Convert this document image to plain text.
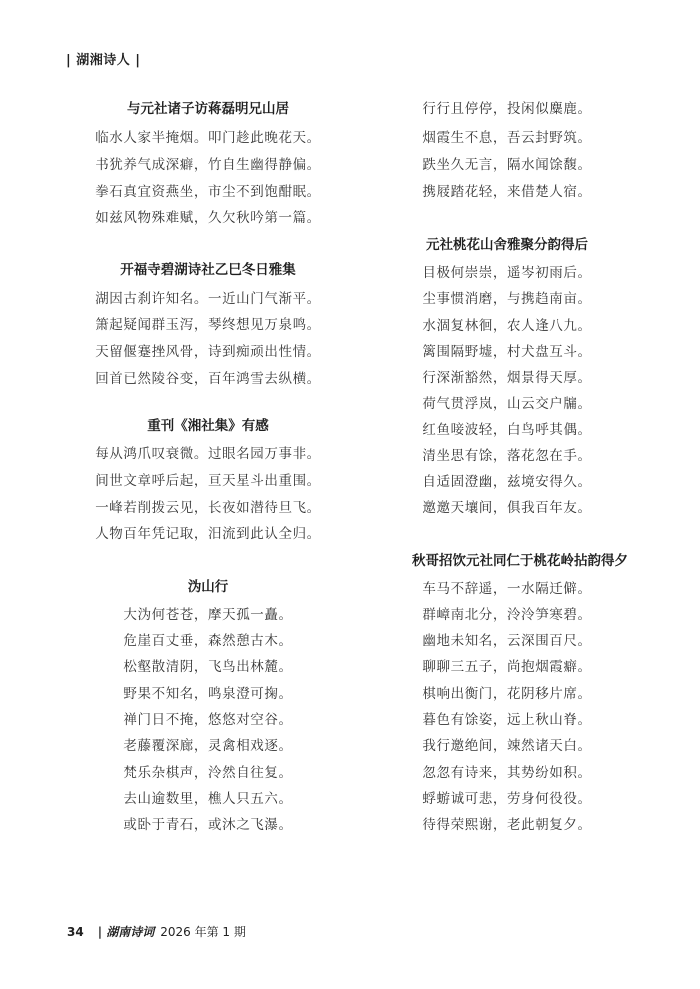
| 湖湘诗人 |
与元社诸子访蒋磊明兄山居
临水人家半掩烟。叩门趁此晚花天。
书犹养气成深癖，竹自生幽得静偏。
拳石真宜资燕坐，市尘不到饱酣眠。
如兹风物殊难赋，久欠秋吟第一篇。
开福寺碧湖诗社乙巳冬日雅集
湖因古刹许知名。一近山门气渐平。
箫起疑闻群玉泻，琴终想见万泉鸣。
天留偃蹇挫风骨，诗到痴顽出性情。
回首已然陵谷变，百年鸿雪去纵横。
重刊《湘社集》有感
每从鸿爪叹衰微。过眼名园万事非。
间世文章呼后起，亘天星斗出重围。
一峰若削拨云见，长夜如潜待旦飞。
人物百年凭记取，汨流到此认全归。
沩山行
大沩何苍苍，摩天孤一矗。
危崖百丈垂，森然憩古木。
松壑散清阴，飞鸟出林麓。
野果不知名，鸣泉澄可掬。
禅门日不掩，悠悠对空谷。
老藤覆深廊，灵禽相戏逐。
梵乐杂棋声，泠然自往复。
去山逾数里，樵人只五六。
或卧于青石，或沐之飞瀑。
行行且停停，投闲似麋鹿。
烟霞生不息，吾云封野筑。
跌坐久无言，隔水闻馀馥。
携屐踏花轻，来借楚人宿。
元社桃花山舍雅聚分韵得后
目极何崇崇，遥岑初雨后。
尘事惯消磨，与携趋南亩。
水涸复林徊，农人逢八九。
篱围隔野墟，村犬盘互斗。
行深渐豁然，烟景得天厚。
荷气贯浮岚，山云交户牖。
红鱼唼波轻，白鸟呼其偶。
清坐思有馀，落花忽在手。
自适固澄幽，兹境安得久。
邀邀天壤间，俱我百年友。
秋哥招饮元社同仁于桃花岭拈韵得夕
车马不辞遥，一水隔迁僻。
群嶂南北分，泠泠笋寒碧。
幽地未知名，云深围百尺。
聊聊三五子，尚抱烟霞癖。
棋响出衡门，花阴移片席。
暮色有馀姿，远上秋山脊。
我行邀绝间，竦然诸天白。
忽忽有诗来，其势纷如积。
蜉蝣诚可悲，劳身何役役。
待得荣熙谢，老此朝复夕。
34 | 湖南诗词 2026 年第 1 期
